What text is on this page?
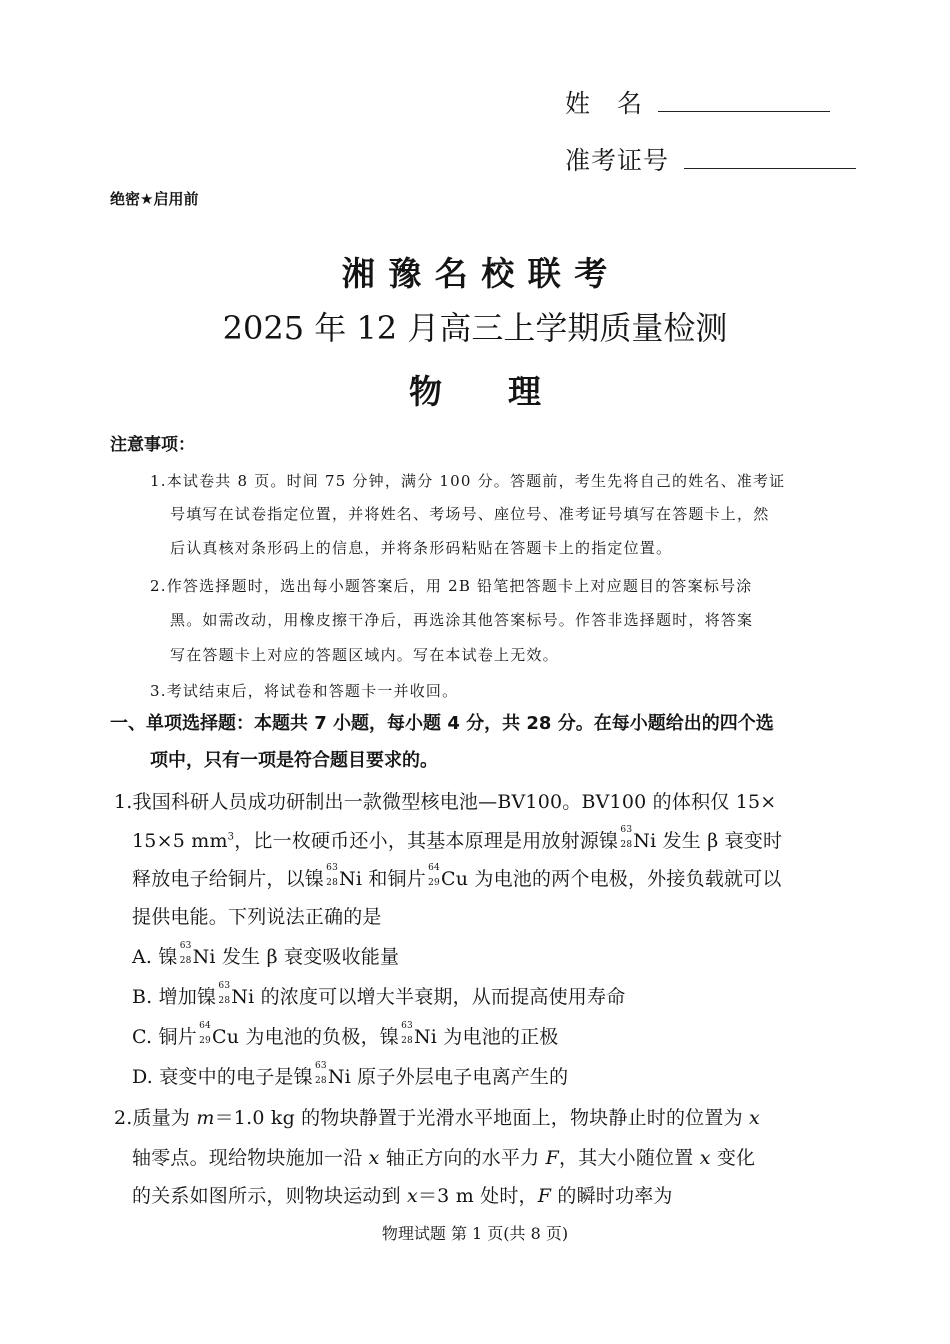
姓　名
准考证号
绝密★启用前
湘 豫 名 校 联 考
2025 年 12 月高三上学期质量检测
物　　理
注意事项：
1.本试卷共 8 页。时间 75 分钟，满分 100 分。答题前，考生先将自己的姓名、准考证
号填写在试卷指定位置，并将姓名、考场号、座位号、准考证号填写在答题卡上，然
后认真核对条形码上的信息，并将条形码粘贴在答题卡上的指定位置。
2.作答选择题时，选出每小题答案后，用 2B 铅笔把答题卡上对应题目的答案标号涂
黑。如需改动，用橡皮擦干净后，再选涂其他答案标号。作答非选择题时，将答案
写在答题卡上对应的答题区域内。写在本试卷上无效。
3.考试结束后，将试卷和答题卡一并收回。
一、单项选择题：本题共 7 小题，每小题 4 分，共 28 分。在每小题给出的四个选
项中，只有一项是符合题目要求的。
1.我国科研人员成功研制出一款微型核电池—BV100。BV100 的体积仅 15×
15×5 $mm^3$，比一枚硬币还小，其基本原理是用放射源镍 63
28 Ni 发生 β 衰变时
释放电子给铜片，以镍 63
28 Ni 和铜片 64
29 Cu 为电池的两个电极，外接负载就可以
提供电能。下列说法正确的是
A. 镍 63
28 Ni 发生 β 衰变吸收能量
B. 增加镍 63
28 Ni 的浓度可以增大半衰期，从而提高使用寿命
C. 铜片 64
29 Cu 为电池的负极，镍 63
28 Ni 为电池的正极
D. 衰变中的电子是镍 63
28 Ni 原子外层电子电离产生的
2.质量为 m＝1.0 kg 的物块静置于光滑水平地面上，物块静止时的位置为 x
轴零点。现给物块施加一沿 x 轴正方向的水平力 F，其大小随位置 x 变化
的关系如图所示，则物块运动到 x＝3 m 处时，F 的瞬时功率为
物理试题 第 1 页(共 8 页)
